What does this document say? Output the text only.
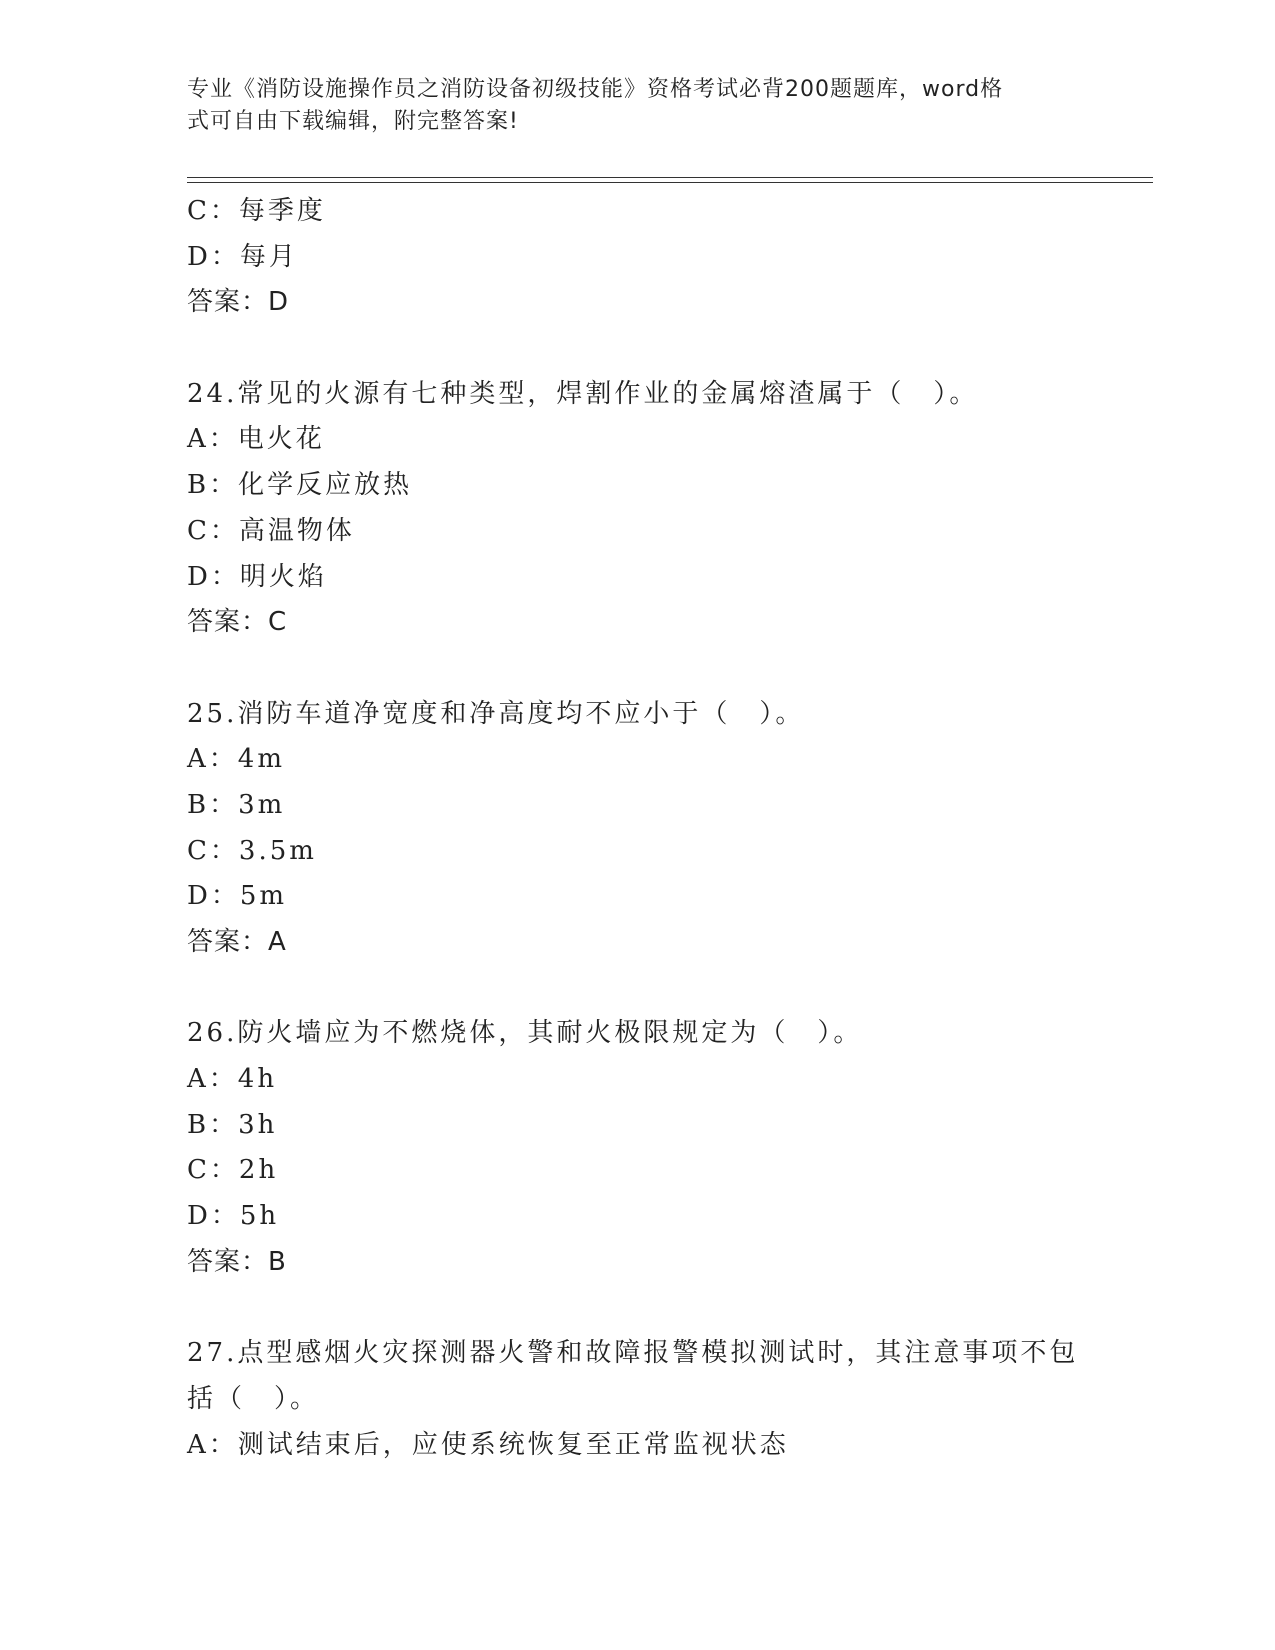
专业《消防设施操作员之消防设备初级技能》资格考试必背200题题库，word格
式可自由下载编辑，附完整答案!
C：每季度
D：每月
答案：D
24.常见的火源有七种类型，焊割作业的金属熔渣属于（　）。
A：电火花
B：化学反应放热
C：高温物体
D：明火焰
答案：C
25.消防车道净宽度和净高度均不应小于（　）。
A：4m
B：3m
C：3.5m
D：5m
答案：A
26.防火墙应为不燃烧体，其耐火极限规定为（　）。
A：4h
B：3h
C：2h
D：5h
答案：B
27.点型感烟火灾探测器火警和故障报警模拟测试时，其注意事项不包
括（　）。
A：测试结束后，应使系统恢复至正常监视状态
